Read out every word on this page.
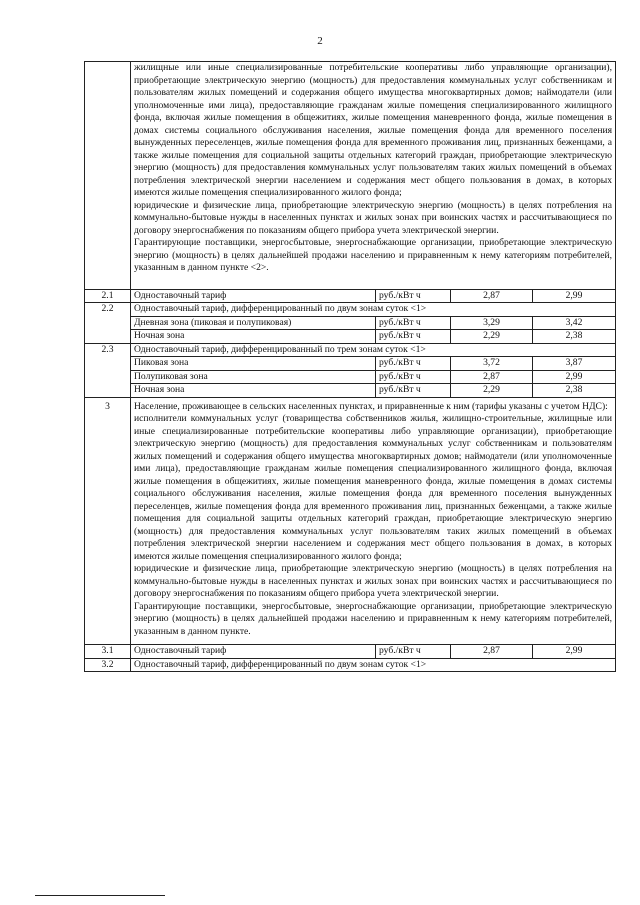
2

	жилищные или иные специализированные потребительские кооперативы либо управляющие организации), приобретающие электрическую энергию (мощность) для предоставления коммунальных услуг собственникам и пользователям жилых помещений и содержания общего имущества многоквартирных домов; наймодатели (или уполномоченные ими лица), предоставляющие гражданам жилые помещения специализированного жилищного фонда, включая жилые помещения в общежитиях, жилые помещения маневренного фонда, жилые помещения в домах системы социального обслуживания населения, жилые помещения фонда для временного поселения вынужденных переселенцев, жилые помещения фонда для временного проживания лиц, признанных беженцами, а также жилые помещения для социальной защиты отдельных категорий граждан, приобретающие электрическую энергию (мощность) для предоставления коммунальных услуг пользователям таких жилых помещений в объемах потребления электрической энергии населением и содержания мест общего пользования в домах, в которых имеются жилые помещения специализированного жилого фонда;

юридические и физические лица, приобретающие электрическую энергию (мощность) в целях потребления на коммунально-бытовые нужды в населенных пунктах и жилых зонах при воинских частях и рассчитывающиеся по договору энергоснабжения по показаниям общего прибора учета электрической энергии.

Гарантирующие поставщики, энергосбытовые, энергоснабжающие организации, приобретающие электрическую энергию (мощность) в целях дальнейшей продажи населению и приравненным к нему категориям потребителей, указанным в данном пункте <2>.			

2.1	Одноставочный тариф	руб./кВт ч	2,87	2,99
2.2	Одноставочный тариф, дифференцированный по двум зонам суток <1>			
	Дневная зона (пиковая и полупиковая)	руб./кВт ч	3,29	3,42
	Ночная зона	руб./кВт ч	2,29	2,38
2.3	Одноставочный тариф, дифференцированный по трем зонам суток <1>			
	Пиковая зона	руб./кВт ч	3,72	3,87
	Полупиковая зона	руб./кВт ч	2,87	2,99
	Ночная зона	руб./кВт ч	2,29	2,38
3	Население, проживающее в сельских населенных пунктах, и приравненные к ним (тарифы указаны с учетом НДС):

исполнители коммунальных услуг (товарищества собственников жилья, жилищно-строительные, жилищные или иные специализированные потребительские кооперативы либо управляющие организации), приобретающие электрическую энергию (мощность) для предоставления коммунальных услуг собственникам и пользователям жилых помещений и содержания общего имущества многоквартирных домов; наймодатели (или уполномоченные ими лица), предоставляющие гражданам жилые помещения специализированного жилищного фонда, включая жилые помещения в общежитиях, жилые помещения маневренного фонда, жилые помещения в домах системы социального обслуживания населения, жилые помещения фонда для временного поселения вынужденных переселенцев, жилые помещения фонда для временного проживания лиц, признанных беженцами, а также жилые помещения для социальной защиты отдельных категорий граждан, приобретающие электрическую энергию (мощность) для предоставления коммунальных услуг пользователям таких жилых помещений в объемах потребления электрической энергии населением и содержания мест общего пользования в домах, в которых имеются жилые помещения специализированного жилого фонда;

юридические и физические лица, приобретающие электрическую энергию (мощность) в целях потребления на коммунально-бытовые нужды в населенных пунктах и жилых зонах при воинских частях и рассчитывающиеся по договору энергоснабжения по показаниям общего прибора учета электрической энергии.

Гарантирующие поставщики, энергосбытовые, энергоснабжающие организации, приобретающие электрическую энергию (мощность) в целях дальнейшей продажи населению и приравненным к нему категориям потребителей, указанным в данном пункте.			

3.1	Одноставочный тариф	руб./кВт ч	2,87	2,99
3.2	Одноставочный тариф, дифференцированный по двум зонам суток <1>			
